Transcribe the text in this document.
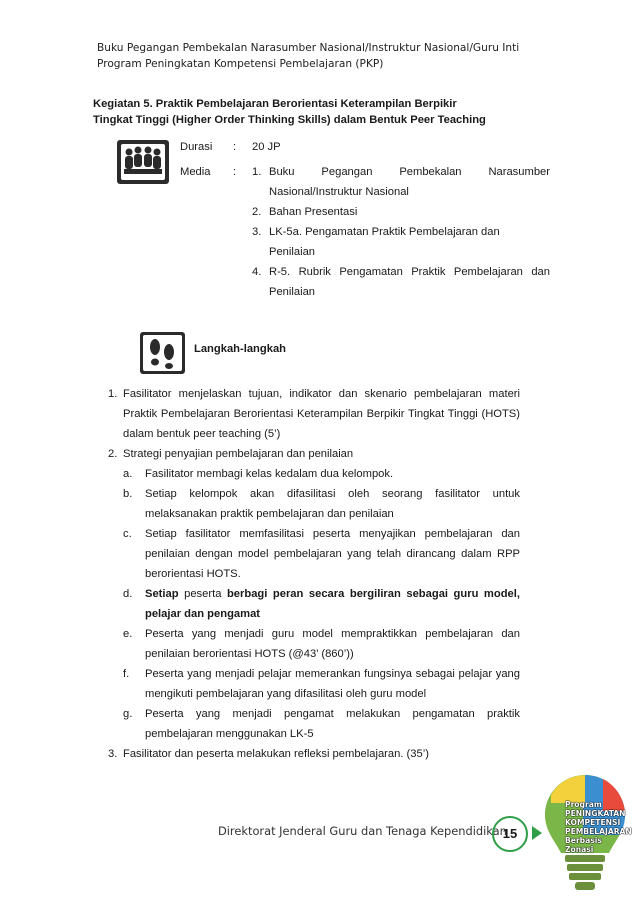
Buku Pegangan Pembekalan Narasumber Nasional/Instruktur Nasional/Guru Inti
Program Peningkatan Kompetensi Pembelajaran (PKP)
Kegiatan 5. Praktik Pembelajaran Berorientasi Keterampilan Berpikir
Tingkat Tinggi (Higher Order Thinking Skills) dalam Bentuk Peer Teaching
Durasi : 20 JP
Media : 1. Buku Pegangan Pembekalan Narasumber
Nasional/Instruktur Nasional
2. Bahan Presentasi
3. LK-5a. Pengamatan Praktik Pembelajaran dan
Penilaian
4. R-5. Rubrik Pengamatan Praktik Pembelajaran dan
Penilaian
Langkah-langkah
1. Fasilitator menjelaskan tujuan, indikator dan skenario pembelajaran materi Praktik Pembelajaran Berorientasi Keterampilan Berpikir Tingkat Tinggi (HOTS) dalam bentuk peer teaching (5’)
2. Strategi penyajian pembelajaran dan penilaian
a. Fasilitator membagi kelas kedalam dua kelompok.
b. Setiap kelompok akan difasilitasi oleh seorang fasilitator untuk melaksanakan praktik pembelajaran dan penilaian
c. Setiap fasilitator memfasilitasi peserta menyajikan pembelajaran dan penilaian dengan model pembelajaran yang telah dirancang dalam RPP berorientasi HOTS.
d. Setiap peserta berbagi peran secara bergiliran sebagai guru model, pelajar dan pengamat
e. Peserta yang menjadi guru model mempraktikkan pembelajaran dan penilaian berorientasi HOTS (@43’ (860’))
f. Peserta yang menjadi pelajar memerankan fungsinya sebagai pelajar yang mengikuti pembelajaran yang difasilitasi oleh guru model
g. Peserta yang menjadi pengamat melakukan pengamatan praktik pembelajaran menggunakan LK-5
3. Fasilitator dan peserta melakukan refleksi pembelajaran. (35’)
Direktorat Jenderal Guru dan Tenaga Kependidikan
15
Program
PENINGKATAN
KOMPETENSI
PEMBELAJARAN
Berbasis
Zonasi
